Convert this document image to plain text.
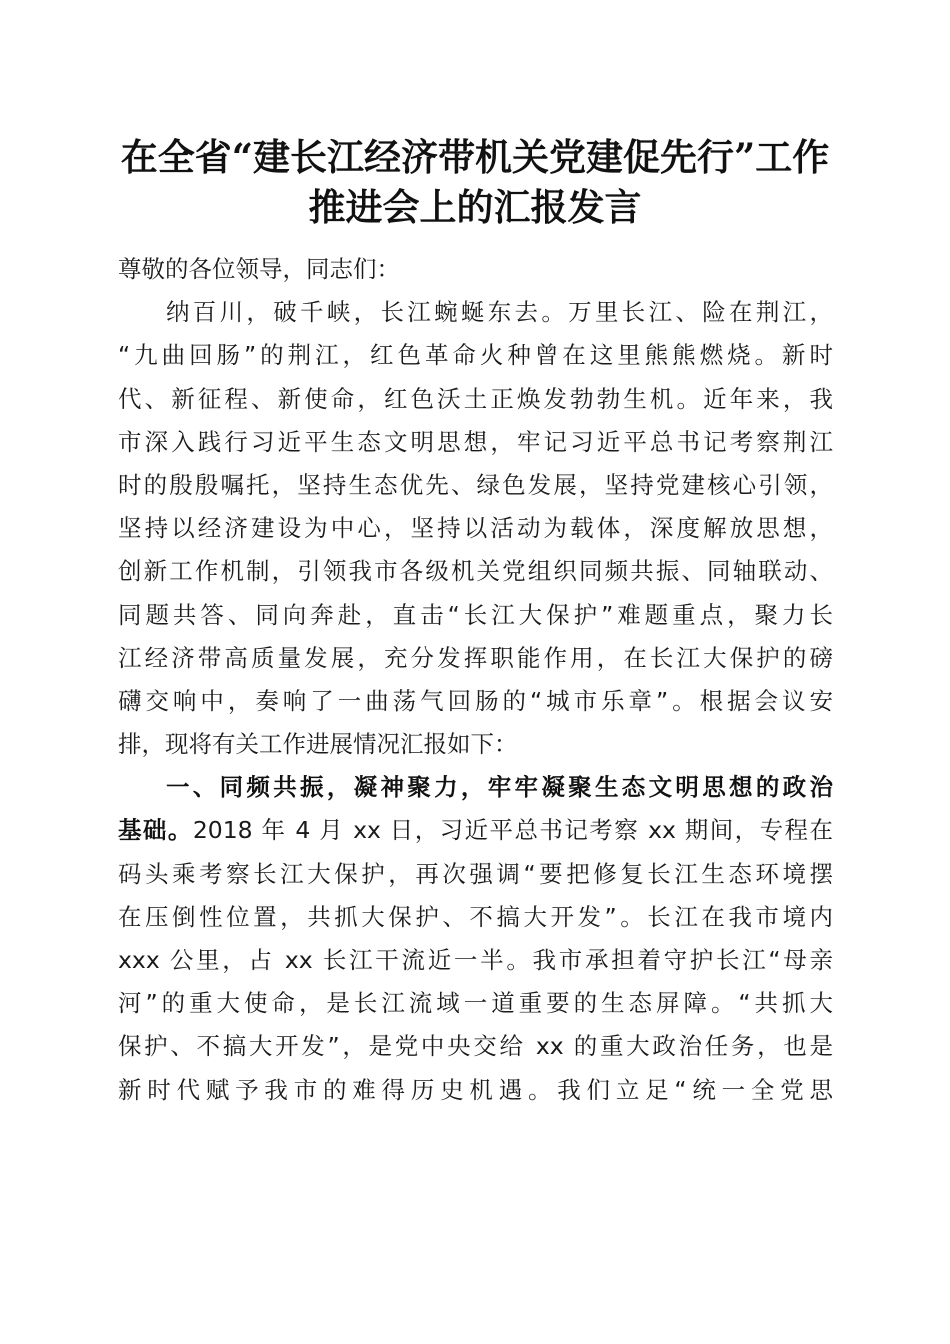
在全省“建长江经济带机关党建促先行”工作
推进会上的汇报发言
尊敬的各位领导，同志们：
纳百川，破千峡，长江蜿蜒东去。万里长江、险在荆江，
“九曲回肠”的荆江，红色革命火种曾在这里熊熊燃烧。新时
代、新征程、新使命，红色沃土正焕发勃勃生机。近年来，我
市深入践行习近平生态文明思想，牢记习近平总书记考察荆江
时的殷殷嘱托，坚持生态优先、绿色发展，坚持党建核心引领，
坚持以经济建设为中心，坚持以活动为载体，深度解放思想，
创新工作机制，引领我市各级机关党组织同频共振、同轴联动、
同题共答、同向奔赴，直击“长江大保护”难题重点，聚力长
江经济带高质量发展，充分发挥职能作用，在长江大保护的磅
礴交响中，奏响了一曲荡气回肠的“城市乐章”。根据会议安
排，现将有关工作进展情况汇报如下：
一、同频共振，凝神聚力，牢牢凝聚生态文明思想的政治
基础。2018 年 4 月 xx 日，习近平总书记考察 xx 期间，专程在
码头乘考察长江大保护，再次强调“要把修复长江生态环境摆
在压倒性位置，共抓大保护、不搞大开发”。长江在我市境内
xxx 公里，占 xx 长江干流近一半。我市承担着守护长江“母亲
河”的重大使命，是长江流域一道重要的生态屏障。“共抓大
保护、不搞大开发”，是党中央交给 xx 的重大政治任务，也是
新时代赋予我市的难得历史机遇。我们立足“统一全党思
